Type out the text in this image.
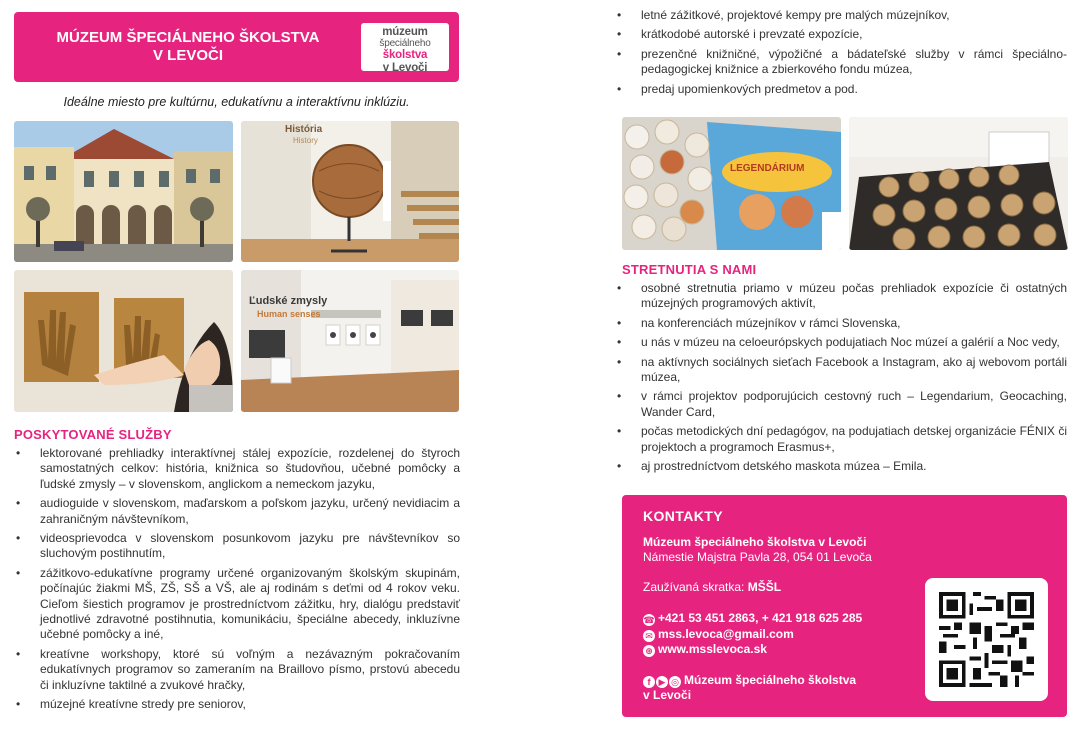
MÚZEUM ŠPECIÁLNEHO ŠKOLSTVA
V LEVOČI
múzeum
špeciálneho
školstva
v Levoči
Ideálne miesto pre kultúrnu, edukatívnu a interaktívnu inklúziu.
História
History
Ľudské zmysly
Human senses
POSKYTOVANÉ SLUŽBY
• lektorované prehliadky interaktívnej stálej expozície, rozdelenej do štyroch samostatných celkov: história, knižnica so študovňou, učebné pomôcky a ľudské zmysly – v slovenskom, anglickom a nemeckom jazyku,
• audioguide v slovenskom, maďarskom a poľskom jazyku, určený nevidiacim a zahraničným návštevníkom,
• videosprievodca v slovenskom posunkovom jazyku pre návštevníkov so sluchovým postihnutím,
• zážitkovo-edukatívne programy určené organizovaným školským skupinám, počínajúc žiakmi MŠ, ZŠ, SŠ a VŠ, ale aj rodinám s deťmi od 4 rokov veku. Cieľom šiestich programov je prostredníctvom zážitku, hry, dialógu predstaviť jednotlivé zdravotné postihnutia, komunikáciu, špeciálne abecedy, inkluzívne učebné pomôcky a iné,
• kreatívne workshopy, ktoré sú voľným a nezávazným pokračovaním edukatívnych programov so zameraním na Braillovo písmo, prstovú abecedu či inkluzívne taktilné a zvukové hračky,
• múzejné kreatívne stredy pre seniorov,
• letné zážitkové, projektové kempy pre malých múzejníkov,
• krátkodobé autorské i prevzaté expozície,
• prezenčné knižničné, výpožičné a bádateľské služby v rámci špeciálno-pedagogickej knižnice a zbierkového fondu múzea,
• predaj upomienkových predmetov a pod.
LEGENDÁRIUM
STRETNUTIA S NAMI
• osobné stretnutia priamo v múzeu počas prehliadok expozície či ostatných múzejných programových aktivít,
• na konferenciách múzejníkov v rámci Slovenska,
• u nás v múzeu na celoeurópskych podujatiach Noc múzeí a galérií a Noc vedy,
• na aktívnych sociálnych sieťach Facebook a Instagram, ako aj webovom portáli múzea,
• v rámci projektov podporujúcich cestovný ruch – Legendarium, Geocaching, Wander Card,
• počas metodických dní pedagógov, na podujatiach detskej organizácie FÉNIX či projektoch a programoch Erasmus+,
• aj prostredníctvom detského maskota múzea – Emila.
KONTAKTY
Múzeum špeciálneho školstva v Levoči
Námestie Majstra Pavla 28, 054 01 Levoča
Zaužívaná skratka: MŠŠL
☎ +421 53 451 2863, + 421 918 625 285
✉ mss.levoca@gmail.com
⊕ www.msslevoca.sk
f ▶ ◎ Múzeum špeciálneho školstva
v Levoči
